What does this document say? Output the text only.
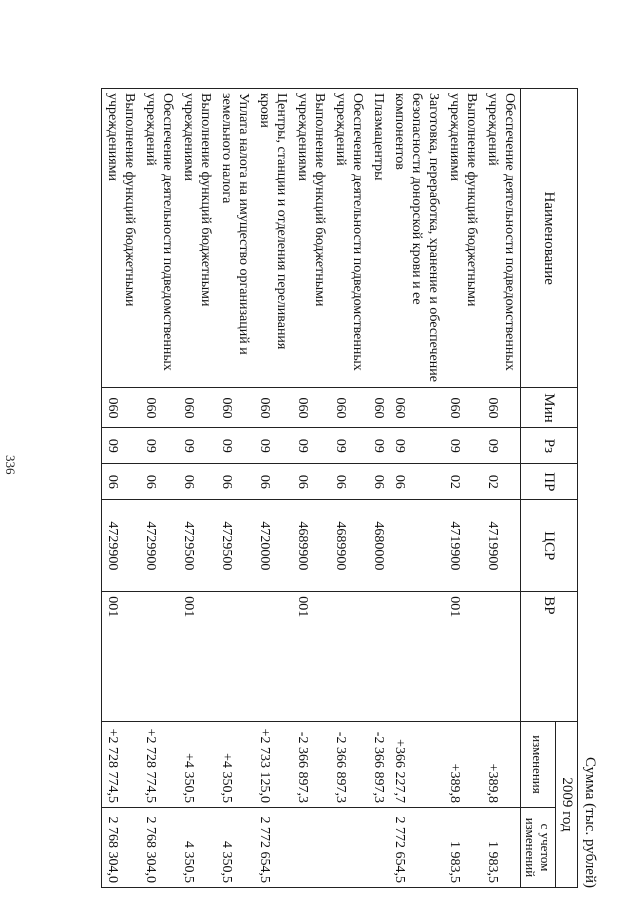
336
Сумма (тыс. рублей)
Наименование	Мин	Рз	ПР	ЦСР	ВР	2009 год	
						изменения	с учетом изменений
Обеспечение деятельности подведомственных учреждений	060	09	02	4719900		+389,8	1 983,5
Выполнение функций бюджетными учреждениями	060	09	02	4719900	001	+389,8	1 983,5
Заготовка, переработка, хранение и обеспечение безопасности донорской крови и ее компонентов	060	09	06			+366 227,7	2 772 654,5
Плазмацентры	060	09	06	4680000		-2 366 897,3	
Обеспечение деятельности подведомственных учреждений	060	09	06	4689900		-2 366 897,3	
Выполнение функций бюджетными учреждениями	060	09	06	4689900	001	-2 366 897,3	
Центры, станции и отделения переливания крови	060	09	06	4720000		+2 733 125,0	2 772 654,5
Уплата налога на имущество организаций и земельного налога	060	09	06	4729500		+4 350,5	4 350,5
Выполнение функций бюджетными учреждениями	060	09	06	4729500	001	+4 350,5	4 350,5
Обеспечение деятельности подведомственных учреждений	060	09	06	4729900		+2 728 774,5	2 768 304,0
Выполнение функций бюджетными учреждениями	060	09	06	4729900	001	+2 728 774,5	2 768 304,0
